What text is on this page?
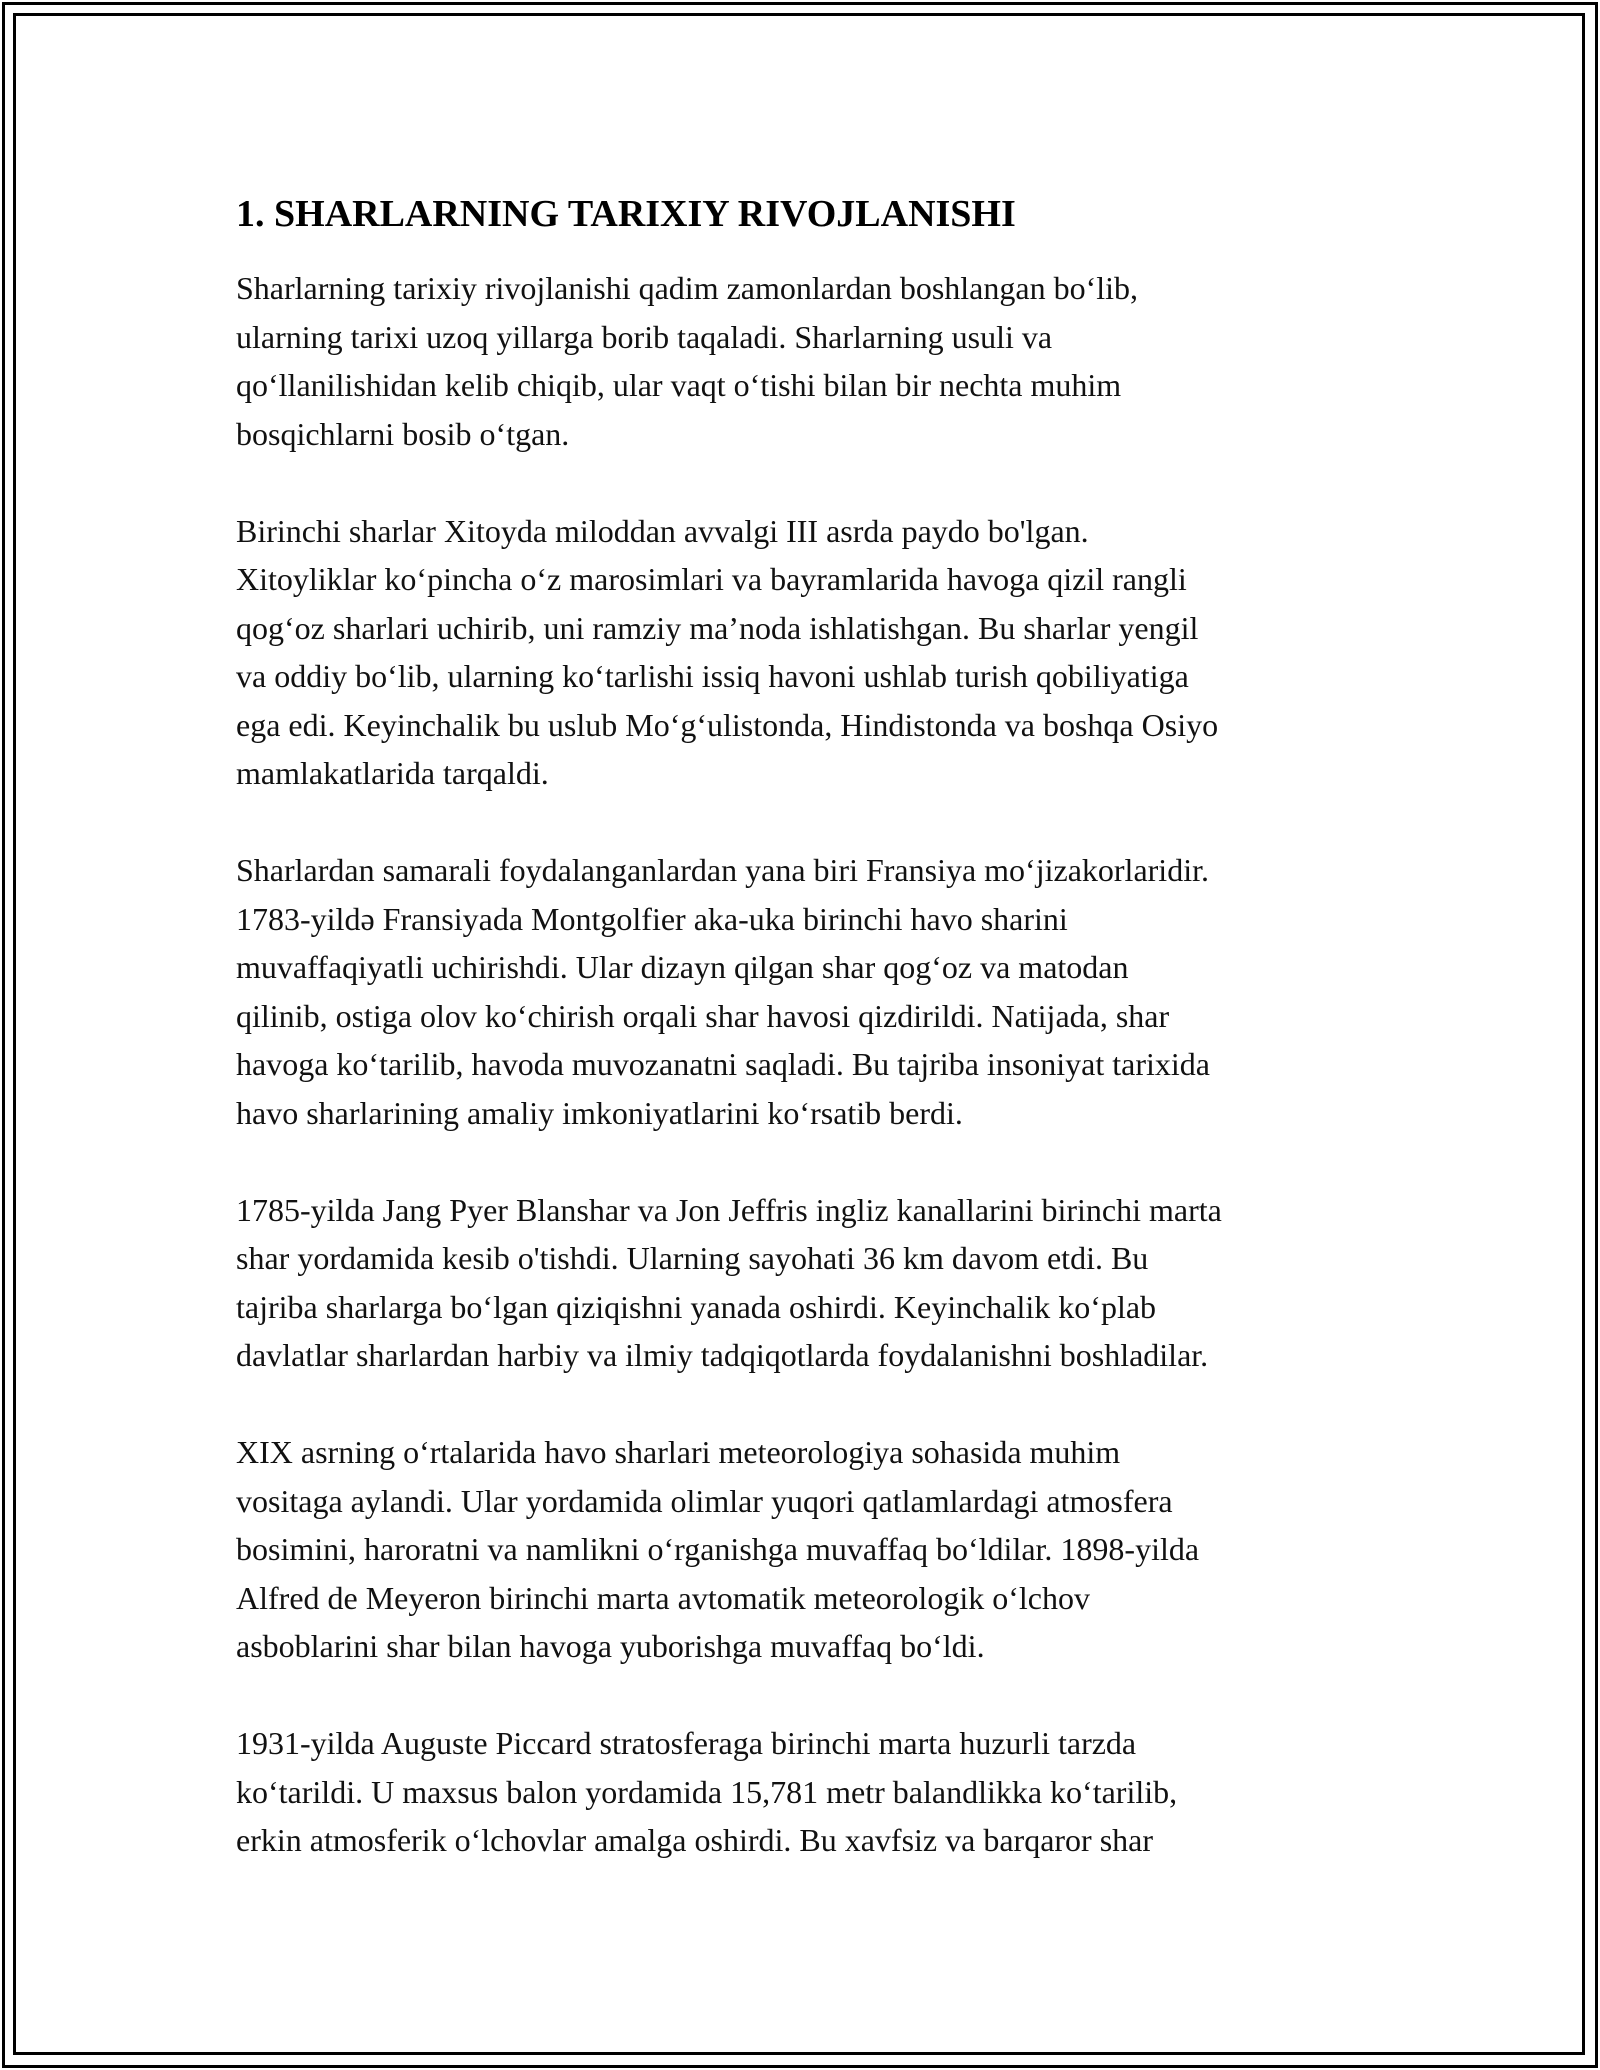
1. SHARLARNING TARIXIY RIVOJLANISHI

Sharlarning tarixiy rivojlanishi qadim zamonlardan boshlangan bo‘lib,
ularning tarixi uzoq yillarga borib taqaladi. Sharlarning usuli va
qo‘llanilishidan kelib chiqib, ular vaqt o‘tishi bilan bir nechta muhim
bosqichlarni bosib o‘tgan.

Birinchi sharlar Xitoyda miloddan avvalgi III asrda paydo bo'lgan.
Xitoyliklar ko‘pincha o‘z marosimlari va bayramlarida havoga qizil rangli
qog‘oz sharlari uchirib, uni ramziy ma’noda ishlatishgan. Bu sharlar yengil
va oddiy bo‘lib, ularning ko‘tarlishi issiq havoni ushlab turish qobiliyatiga
ega edi. Keyinchalik bu uslub Mo‘g‘ulistonda, Hindistonda va boshqa Osiyo
mamlakatlarida tarqaldi.

Sharlardan samarali foydalanganlardan yana biri Fransiya mo‘jizakorlaridir.
1783-yildə Fransiyada Montgolfier aka-uka birinchi havo sharini
muvaffaqiyatli uchirishdi. Ular dizayn qilgan shar qog‘oz va matodan
qilinib, ostiga olov ko‘chirish orqali shar havosi qizdirildi. Natijada, shar
havoga ko‘tarilib, havoda muvozanatni saqladi. Bu tajriba insoniyat tarixida
havo sharlarining amaliy imkoniyatlarini ko‘rsatib berdi.

1785-yilda Jang Pyer Blanshar va Jon Jeffris ingliz kanallarini birinchi marta
shar yordamida kesib o'tishdi. Ularning sayohati 36 km davom etdi. Bu
tajriba sharlarga bo‘lgan qiziqishni yanada oshirdi. Keyinchalik ko‘plab
davlatlar sharlardan harbiy va ilmiy tadqiqotlarda foydalanishni boshladilar.

XIX asrning o‘rtalarida havo sharlari meteorologiya sohasida muhim
vositaga aylandi. Ular yordamida olimlar yuqori qatlamlardagi atmosfera
bosimini, haroratni va namlikni o‘rganishga muvaffaq bo‘ldilar. 1898-yilda
Alfred de Meyeron birinchi marta avtomatik meteorologik o‘lchov
asboblarini shar bilan havoga yuborishga muvaffaq bo‘ldi.

1931-yilda Auguste Piccard stratosferaga birinchi marta huzurli tarzda
ko‘tarildi. U maxsus balon yordamida 15,781 metr balandlikka ko‘tarilib,
erkin atmosferik o‘lchovlar amalga oshirdi. Bu xavfsiz va barqaror shar
